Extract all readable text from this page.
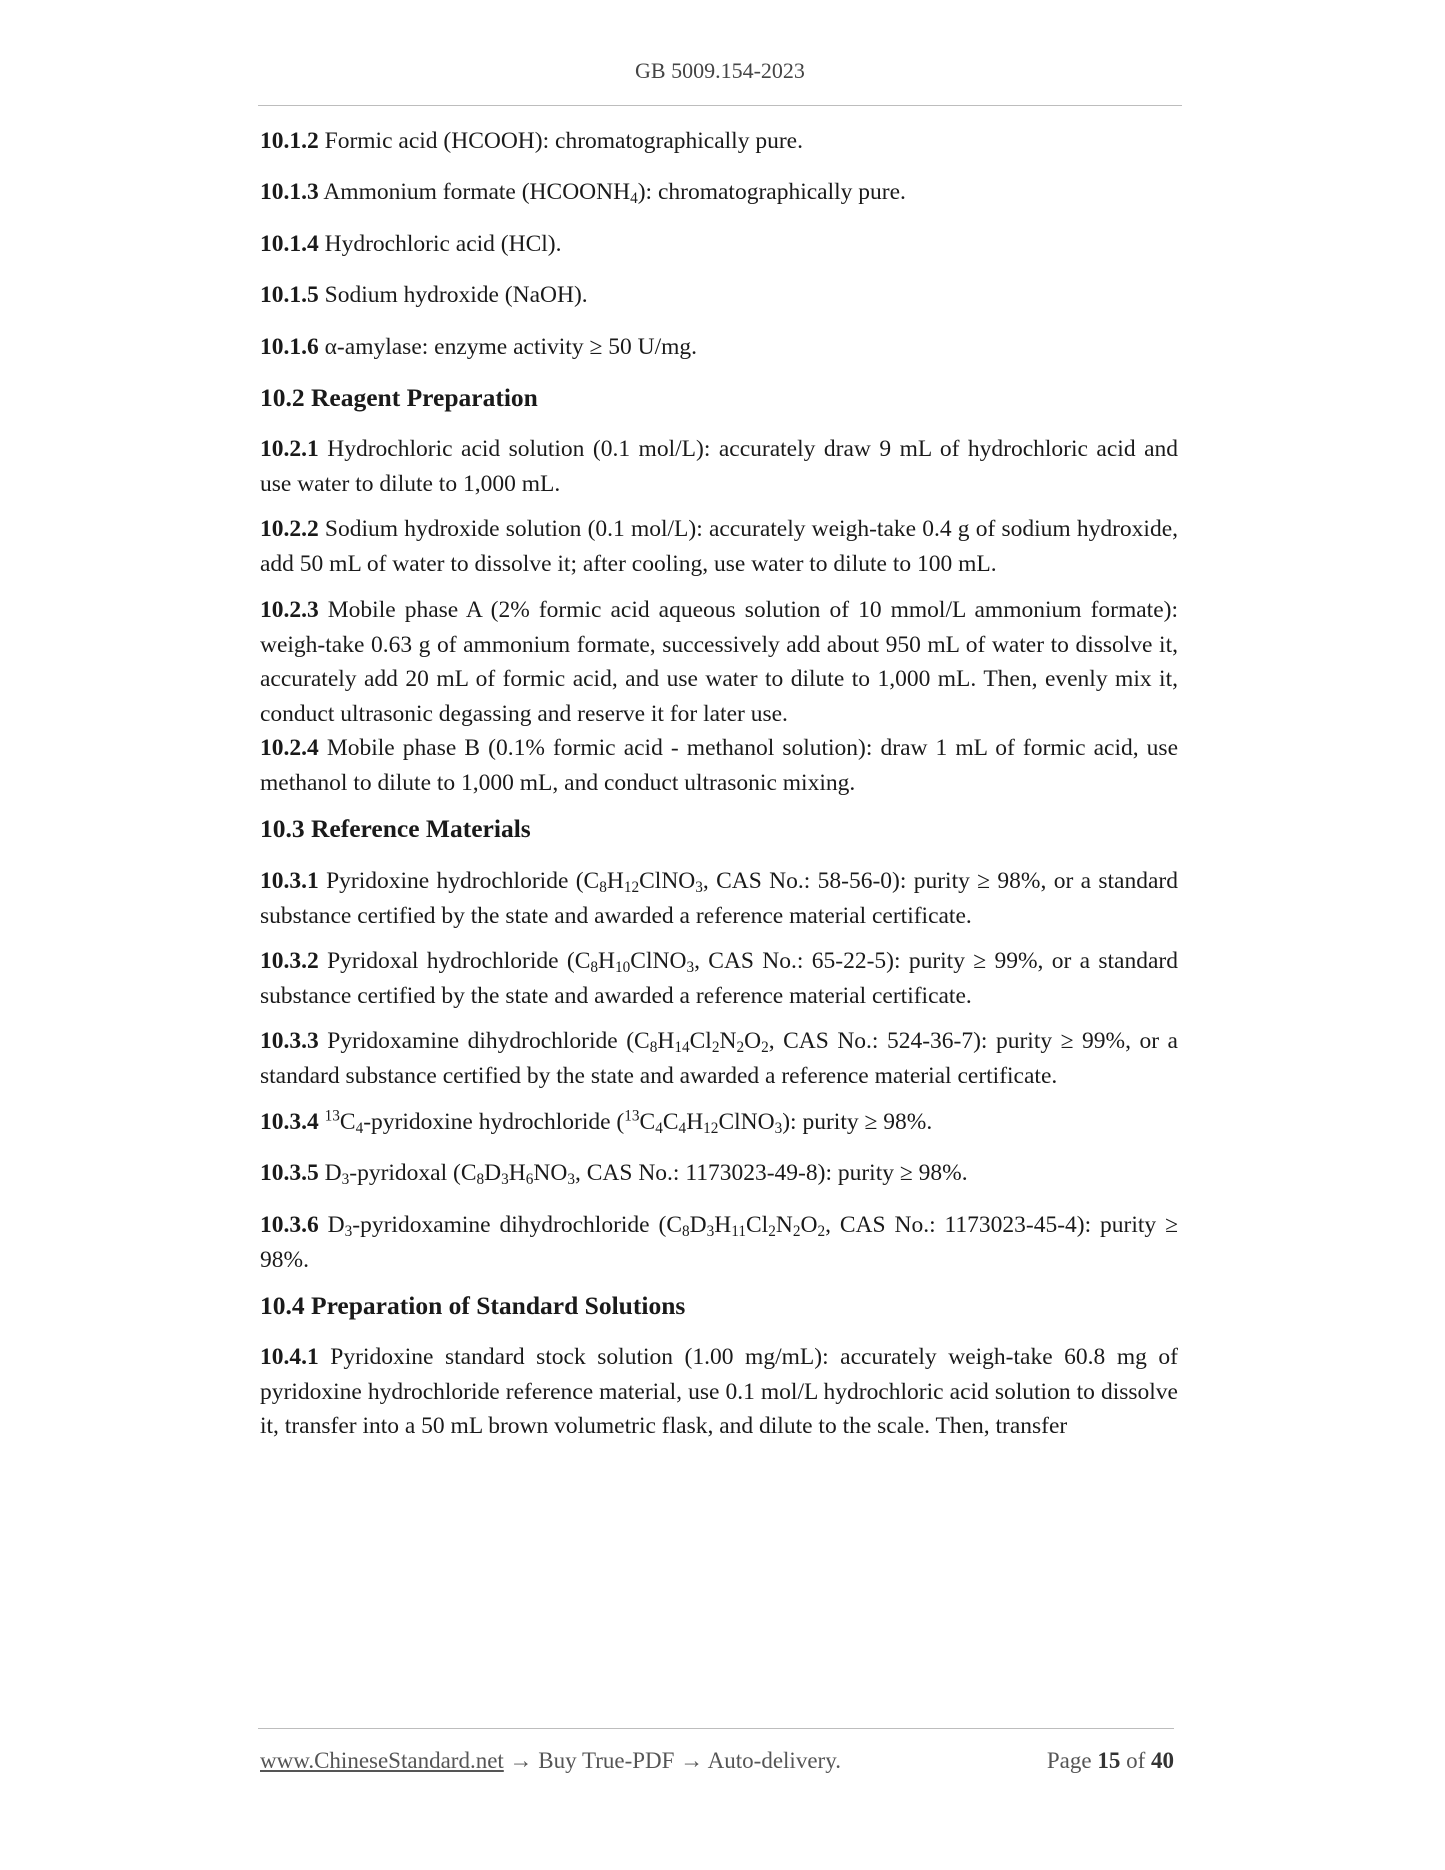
GB 5009.154-2023

10.1.2 Formic acid (HCOOH): chromatographically pure.

10.1.3 Ammonium formate $(HCOONH_4)$: chromatographically pure.

10.1.4 Hydrochloric acid (HCl).

10.1.5 Sodium hydroxide (NaOH).

10.1.6 α-amylase: enzyme activity ≥ 50 U/mg.

10.2 Reagent Preparation

10.2.1 Hydrochloric acid solution (0.1 mol/L): accurately draw 9 mL of hydrochloric acid and use water to dilute to 1,000 mL.

10.2.2 Sodium hydroxide solution (0.1 mol/L): accurately weigh-take 0.4 g of sodium hydroxide, add 50 mL of water to dissolve it; after cooling, use water to dilute to 100 mL.

10.2.3 Mobile phase A (2% formic acid aqueous solution of 10 mmol/L ammonium formate): weigh-take 0.63 g of ammonium formate, successively add about 950 mL of water to dissolve it, accurately add 20 mL of formic acid, and use water to dilute to 1,000 mL. Then, evenly mix it, conduct ultrasonic degassing and reserve it for later use.

10.2.4 Mobile phase B (0.1% formic acid - methanol solution): draw 1 mL of formic acid, use methanol to dilute to 1,000 mL, and conduct ultrasonic mixing.

10.3 Reference Materials

10.3.1 Pyridoxine hydrochloride ($C_8H_{12}ClNO_3$, CAS No.: 58-56-0): purity ≥ 98%, or a standard substance certified by the state and awarded a reference material certificate.

10.3.2 Pyridoxal hydrochloride ($C_8H_{10}ClNO_3$, CAS No.: 65-22-5): purity ≥ 99%, or a standard substance certified by the state and awarded a reference material certificate.

10.3.3 Pyridoxamine dihydrochloride ($C_8H_{14}Cl_2N_2O_2$, CAS No.: 524-36-7): purity ≥ 99%, or a standard substance certified by the state and awarded a reference material certificate.

10.3.4 $^{13}C_4$-pyridoxine hydrochloride $(^{13}C_4C_4H_{12}ClNO_3)$: purity ≥ 98%.

10.3.5 $D_3$-pyridoxal ($C_8D_3H_6NO_3$, CAS No.: 1173023-49-8): purity ≥ 98%.

10.3.6 $D_3$-pyridoxamine dihydrochloride ($C_8D_3H_{11}Cl_2N_2O_2$, CAS No.: 1173023-45-4): purity ≥ 98%.

10.4 Preparation of Standard Solutions

10.4.1 Pyridoxine standard stock solution (1.00 mg/mL): accurately weigh-take 60.8 mg of pyridoxine hydrochloride reference material, use 0.1 mol/L hydrochloric acid solution to dissolve it, transfer into a 50 mL brown volumetric flask, and dilute to the scale. Then, transfer

www.ChineseStandard.net → Buy True-PDF → Auto-delivery.	Page 15 of 40
